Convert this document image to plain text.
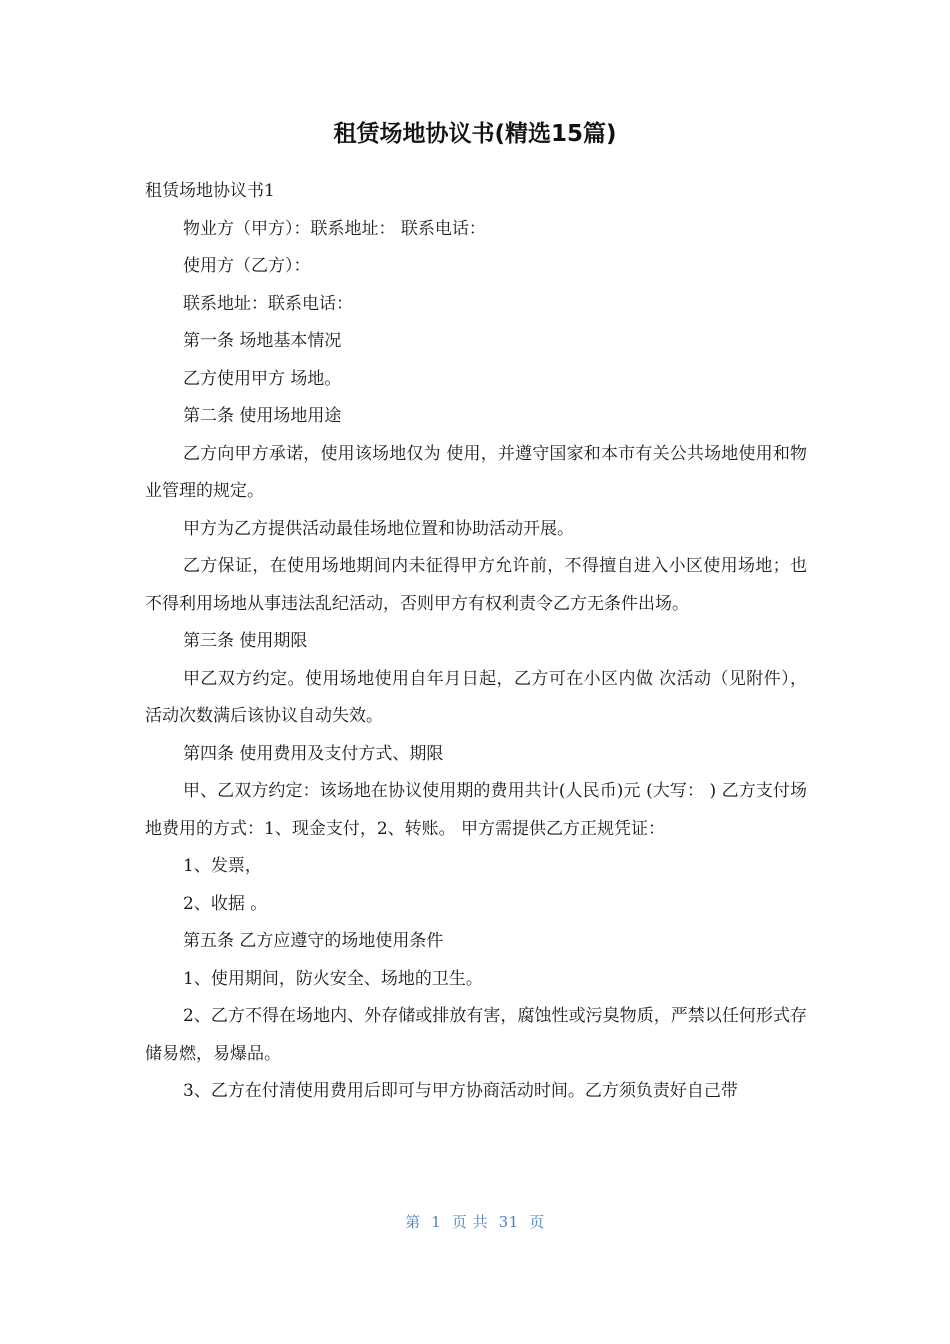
租赁场地协议书(精选15篇)

租赁场地协议书1

物业方（甲方）：联系地址： 联系电话：

使用方（乙方）：

联系地址：联系电话：

第一条 场地基本情况

乙方使用甲方 场地。

第二条 使用场地用途

乙方向甲方承诺，使用该场地仅为 使用，并遵守国家和本市有关公共场地使用和物业管理的规定。

甲方为乙方提供活动最佳场地位置和协助活动开展。

乙方保证，在使用场地期间内未征得甲方允许前，不得擅自进入小区使用场地；也不得利用场地从事违法乱纪活动，否则甲方有权利责令乙方无条件出场。

第三条 使用期限

甲乙双方约定。使用场地使用自年月日起，乙方可在小区内做 次活动（见附件），活动次数满后该协议自动失效。

第四条 使用费用及支付方式、期限

甲、乙双方约定：该场地在协议使用期的费用共计(人民币)元 (大写： ) 乙方支付场地费用的方式：1、现金支付，2、转账。 甲方需提供乙方正规凭证：

1、发票，

2、收据 。

第五条 乙方应遵守的场地使用条件

1、使用期间，防火安全、场地的卫生。

2、乙方不得在场地内、外存储或排放有害，腐蚀性或污臭物质，严禁以任何形式存储易燃，易爆品。

3、乙方在付清使用费用后即可与甲方协商活动时间。乙方须负责好自己带

第 1 页 共 31 页
